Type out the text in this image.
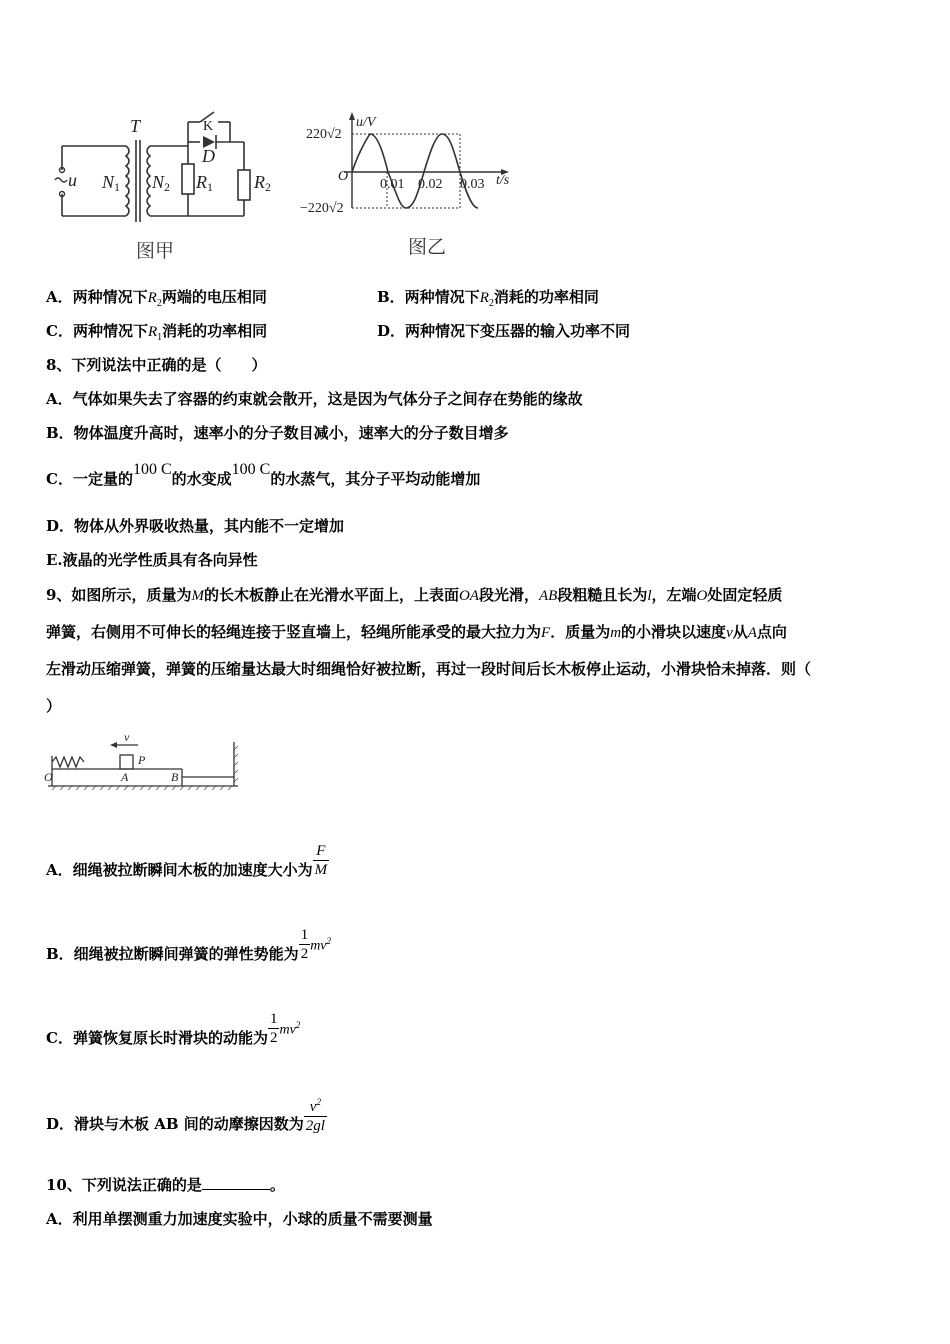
T	K
D
u N1 N2 R1 R2
图甲
220√2
−220√2
u/V
O
0.01 0.02 0.03 t/s
图乙
A．两种情况下$R_2$两端的电压相同	B．两种情况下$R_2$消耗的功率相同
C．两种情况下$R_1$消耗的功率相同	D．两种情况下变压器的输入功率不同
8、下列说法中正确的是（　　）
A．气体如果失去了容器的约束就会散开，这是因为气体分子之间存在势能的缘故
B．物体温度升高时，速率小的分子数目减小，速率大的分子数目增多
C．一定量的100 C的水变成100 C的水蒸气，其分子平均动能增加
D．物体从外界吸收热量，其内能不一定增加
E.液晶的光学性质具有各向异性
9、如图所示，质量为M的长木板静止在光滑水平面上，上表面OA段光滑，AB段粗糙且长为l，左端O处固定轻质
弹簧，右侧用不可伸长的轻绳连接于竖直墙上，轻绳所能承受的最大拉力为F．质量为m的小滑块以速度v从A点向
左滑动压缩弹簧，弹簧的压缩量达最大时细绳恰好被拉断，再过一段时间后长木板停止运动，小滑块恰未掉落．则（
）
v
P
O	A	B
A．细绳被拉断瞬间木板的加速度大小为 $\frac{F}{M}$
B．细绳被拉断瞬间弹簧的弹性势能为 $\frac{1}{2} mv^2$
C．弹簧恢复原长时滑块的动能为 $\frac{1}{2} mv^2$
D．滑块与木板 AB 间的动摩擦因数为 $\frac{v^2}{2gl}$
10、下列说法正确的是	。
A．利用单摆测重力加速度实验中，小球的质量不需要测量
